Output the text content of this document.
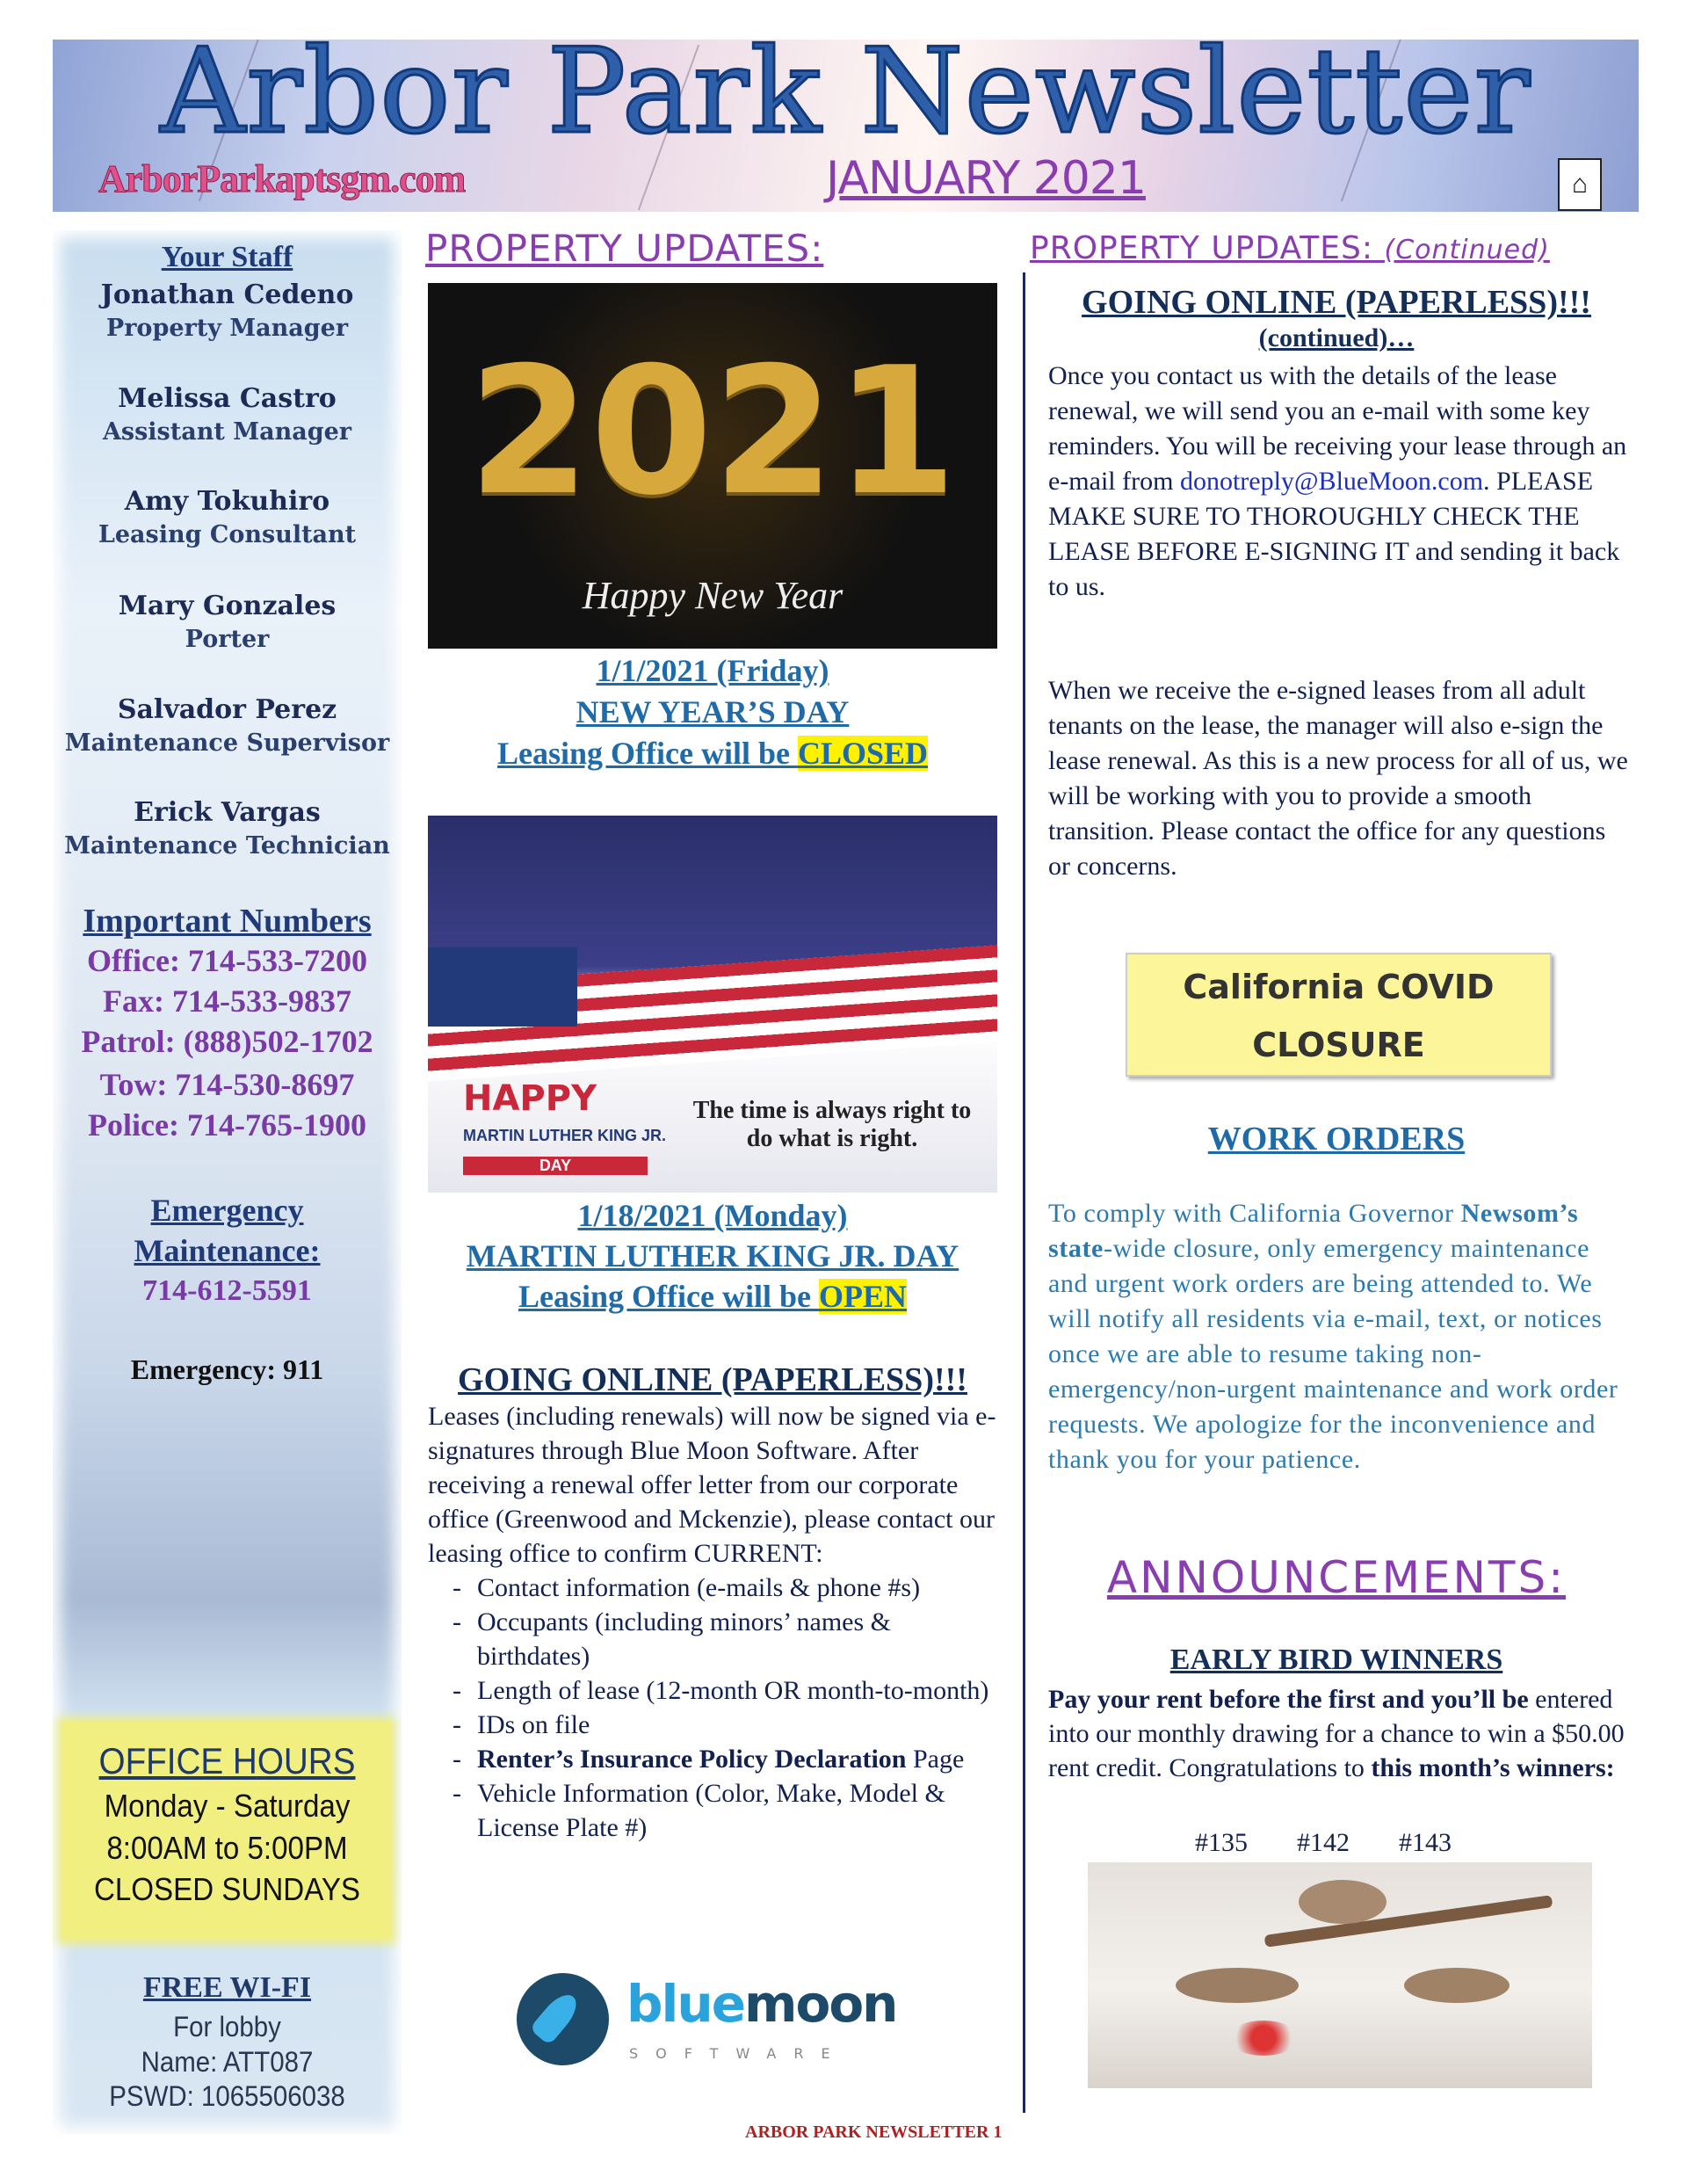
Arbor Park Newsletter
ArborParkaptsgm.com	JANUARY 2021	⌂
Your Staff
Jonathan Cedeno
Property Manager
Melissa Castro
Assistant Manager
Amy Tokuhiro
Leasing Consultant
Mary Gonzales
Porter
Salvador Perez
Maintenance Supervisor
Erick Vargas
Maintenance Technician
Important Numbers
Office: 714-533-7200
Fax: 714-533-9837
Patrol: (888)502-1702
Tow: 714-530-8697
Police: 714-765-1900
Emergency
Maintenance:
714-612-5591
Emergency: 911
OFFICE HOURS
Monday - Saturday
8:00AM to 5:00PM
CLOSED SUNDAYS
FREE WI-FI
For lobby
Name: ATT087
PSWD: 1065506038
PROPERTY UPDATES:
2021
Happy New Year
1/1/2021 (Friday)
NEW YEAR’S DAY
Leasing Office will be CLOSED
HAPPY
MARTIN LUTHER KING JR.
DAY
The time is always right to do what is right.
1/18/2021 (Monday)
MARTIN LUTHER KING JR. DAY
Leasing Office will be OPEN
GOING ONLINE (PAPERLESS)!!!
Leases (including renewals) will now be signed via e-signatures through Blue Moon Software. After receiving a renewal offer letter from our corporate office (Greenwood and Mckenzie), please contact our leasing office to confirm CURRENT:
- Contact information (e-mails & phone #s)
- Occupants (including minors’ names & birthdates)
- Length of lease (12-month OR month-to-month)
- IDs on file
- Renter’s Insurance Policy Declaration Page
- Vehicle Information (Color, Make, Model & License Plate #)
bluemoon
SOFTWARE
PROPERTY UPDATES: (Continued)
GOING ONLINE (PAPERLESS)!!!
(continued)…
Once you contact us with the details of the lease renewal, we will send you an e-mail with some key reminders. You will be receiving your lease through an e-mail from donotreply@BlueMoon.com. PLEASE MAKE SURE TO THOROUGHLY CHECK THE LEASE BEFORE E-SIGNING IT and sending it back to us.
When we receive the e-signed leases from all adult tenants on the lease, the manager will also e-sign the lease renewal. As this is a new process for all of us, we will be working with you to provide a smooth transition. Please contact the office for any questions or concerns.
California COVID
CLOSURE
WORK ORDERS
To comply with California Governor Newsom’s state-wide closure, only emergency maintenance and urgent work orders are being attended to. We will notify all residents via e-mail, text, or notices once we are able to resume taking non-emergency/non-urgent maintenance and work order requests. We apologize for the inconvenience and thank you for your patience.
ANNOUNCEMENTS:
EARLY BIRD WINNERS
Pay your rent before the first and you’ll be entered into our monthly drawing for a chance to win a $50.00 rent credit. Congratulations to this month’s winners:
#135 #142 #143
ARBOR PARK NEWSLETTER 1
